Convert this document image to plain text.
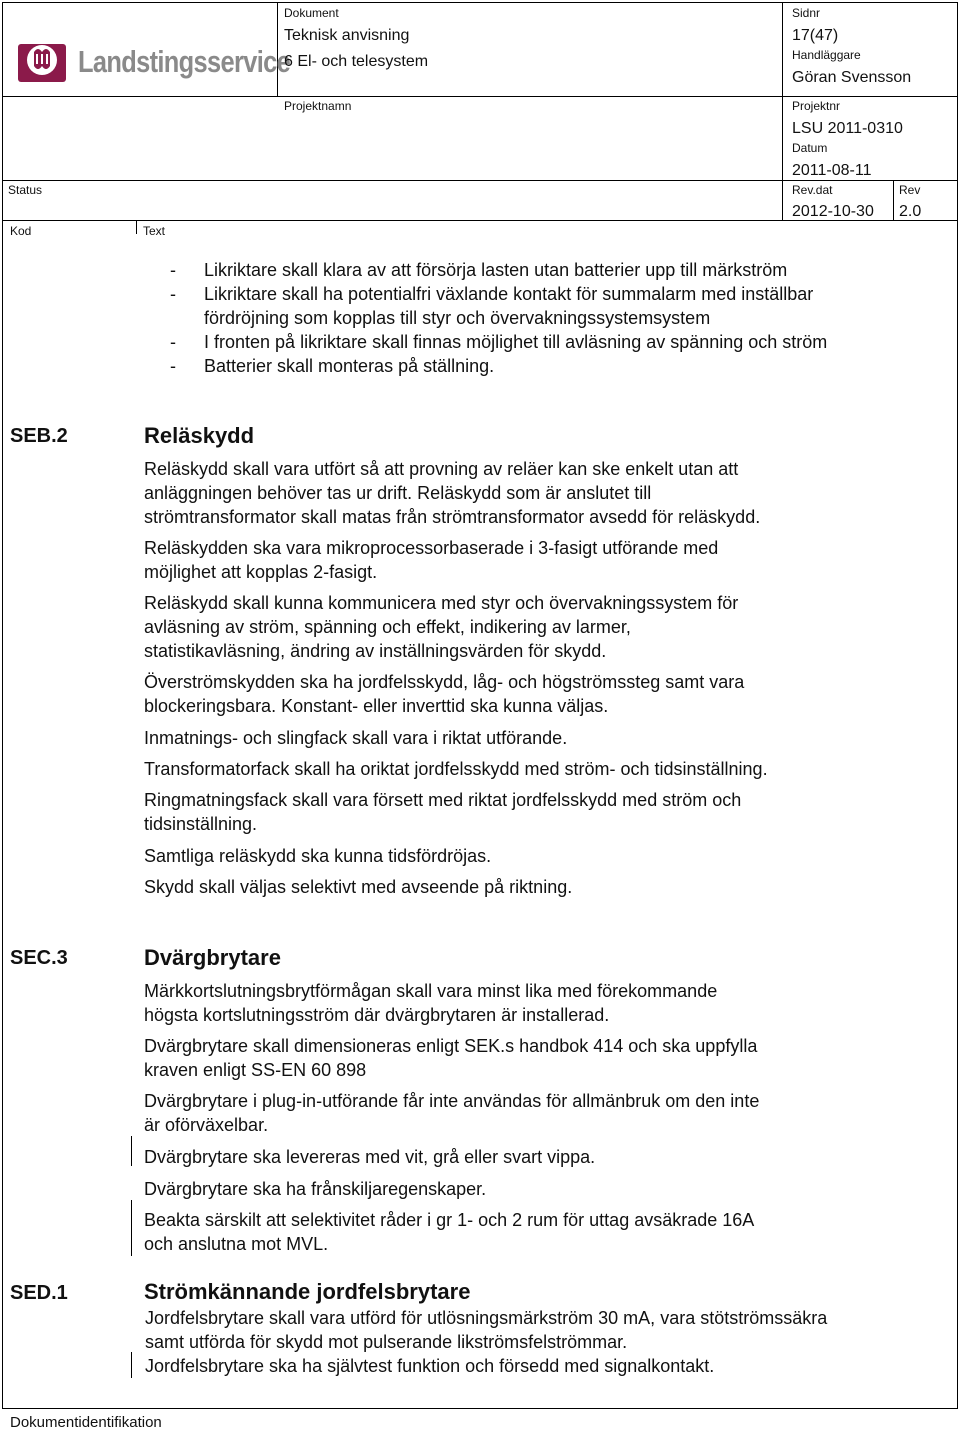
Landstingsservice
Dokument
Teknisk anvisning
6 El- och telesystem
Sidnr
17(47)
Handläggare
Göran Svensson
Projektnamn	Projektnr
LSU 2011-0310
Datum
2011-08-11
Status	Rev.dat
2012-10-30
Rev
2.0
Kod	Text
-	Likriktare skall klara av att försörja lasten utan batterier upp till märkström
-	Likriktare skall ha potentialfri växlande kontakt för summalarm med inställbar
fördröjning som kopplas till styr och övervakningssystemsystem
-	I fronten på likriktare skall finnas möjlighet till avläsning av spänning och ström
-	Batterier skall monteras på ställning.
SEB.2	Reläskydd
Reläskydd skall vara utfört så att provning av reläer kan ske enkelt utan att
anläggningen behöver tas ur drift. Reläskydd som är anslutet till
strömtransformator skall matas från strömtransformator avsedd för reläskydd.
Reläskydden ska vara mikroprocessorbaserade i 3-fasigt utförande med
möjlighet att kopplas 2-fasigt.
Reläskydd skall kunna kommunicera med styr och övervakningssystem för
avläsning av ström, spänning och effekt, indikering av larmer,
statistikavläsning, ändring av inställningsvärden för skydd.
Överströmskydden ska ha jordfelsskydd, låg- och högströmssteg samt vara
blockeringsbara. Konstant- eller inverttid ska kunna väljas.
Inmatnings- och slingfack skall vara i riktat utförande.
Transformatorfack skall ha oriktat jordfelsskydd med ström- och tidsinställning.
Ringmatningsfack skall vara försett med riktat jordfelsskydd med ström och
tidsinställning.
Samtliga reläskydd ska kunna tidsfördröjas.
Skydd skall väljas selektivt med avseende på riktning.
SEC.3	Dvärgbrytare
Märkkortslutningsbrytförmågan skall vara minst lika med förekommande
högsta kortslutningsström där dvärgbrytaren är installerad.
Dvärgbrytare skall dimensioneras enligt SEK.s handbok 414 och ska uppfylla
kraven enligt SS-EN 60 898
Dvärgbrytare i plug-in-utförande får inte användas för allmänbruk om den inte
är oförväxelbar.
Dvärgbrytare ska levereras med vit, grå eller svart vippa.
Dvärgbrytare ska ha frånskiljaregenskaper.
Beakta särskilt att selektivitet råder i gr 1- och 2 rum för uttag avsäkrade 16A
och anslutna mot MVL.
SED.1	Strömkännande jordfelsbrytare
Jordfelsbrytare skall vara utförd för utlösningsmärkström 30 mA, vara stötströmssäkra
samt utförda för skydd mot pulserande likströmsfelströmmar.
Jordfelsbrytare ska ha självtest funktion och försedd med signalkontakt.
Dokumentidentifikation
